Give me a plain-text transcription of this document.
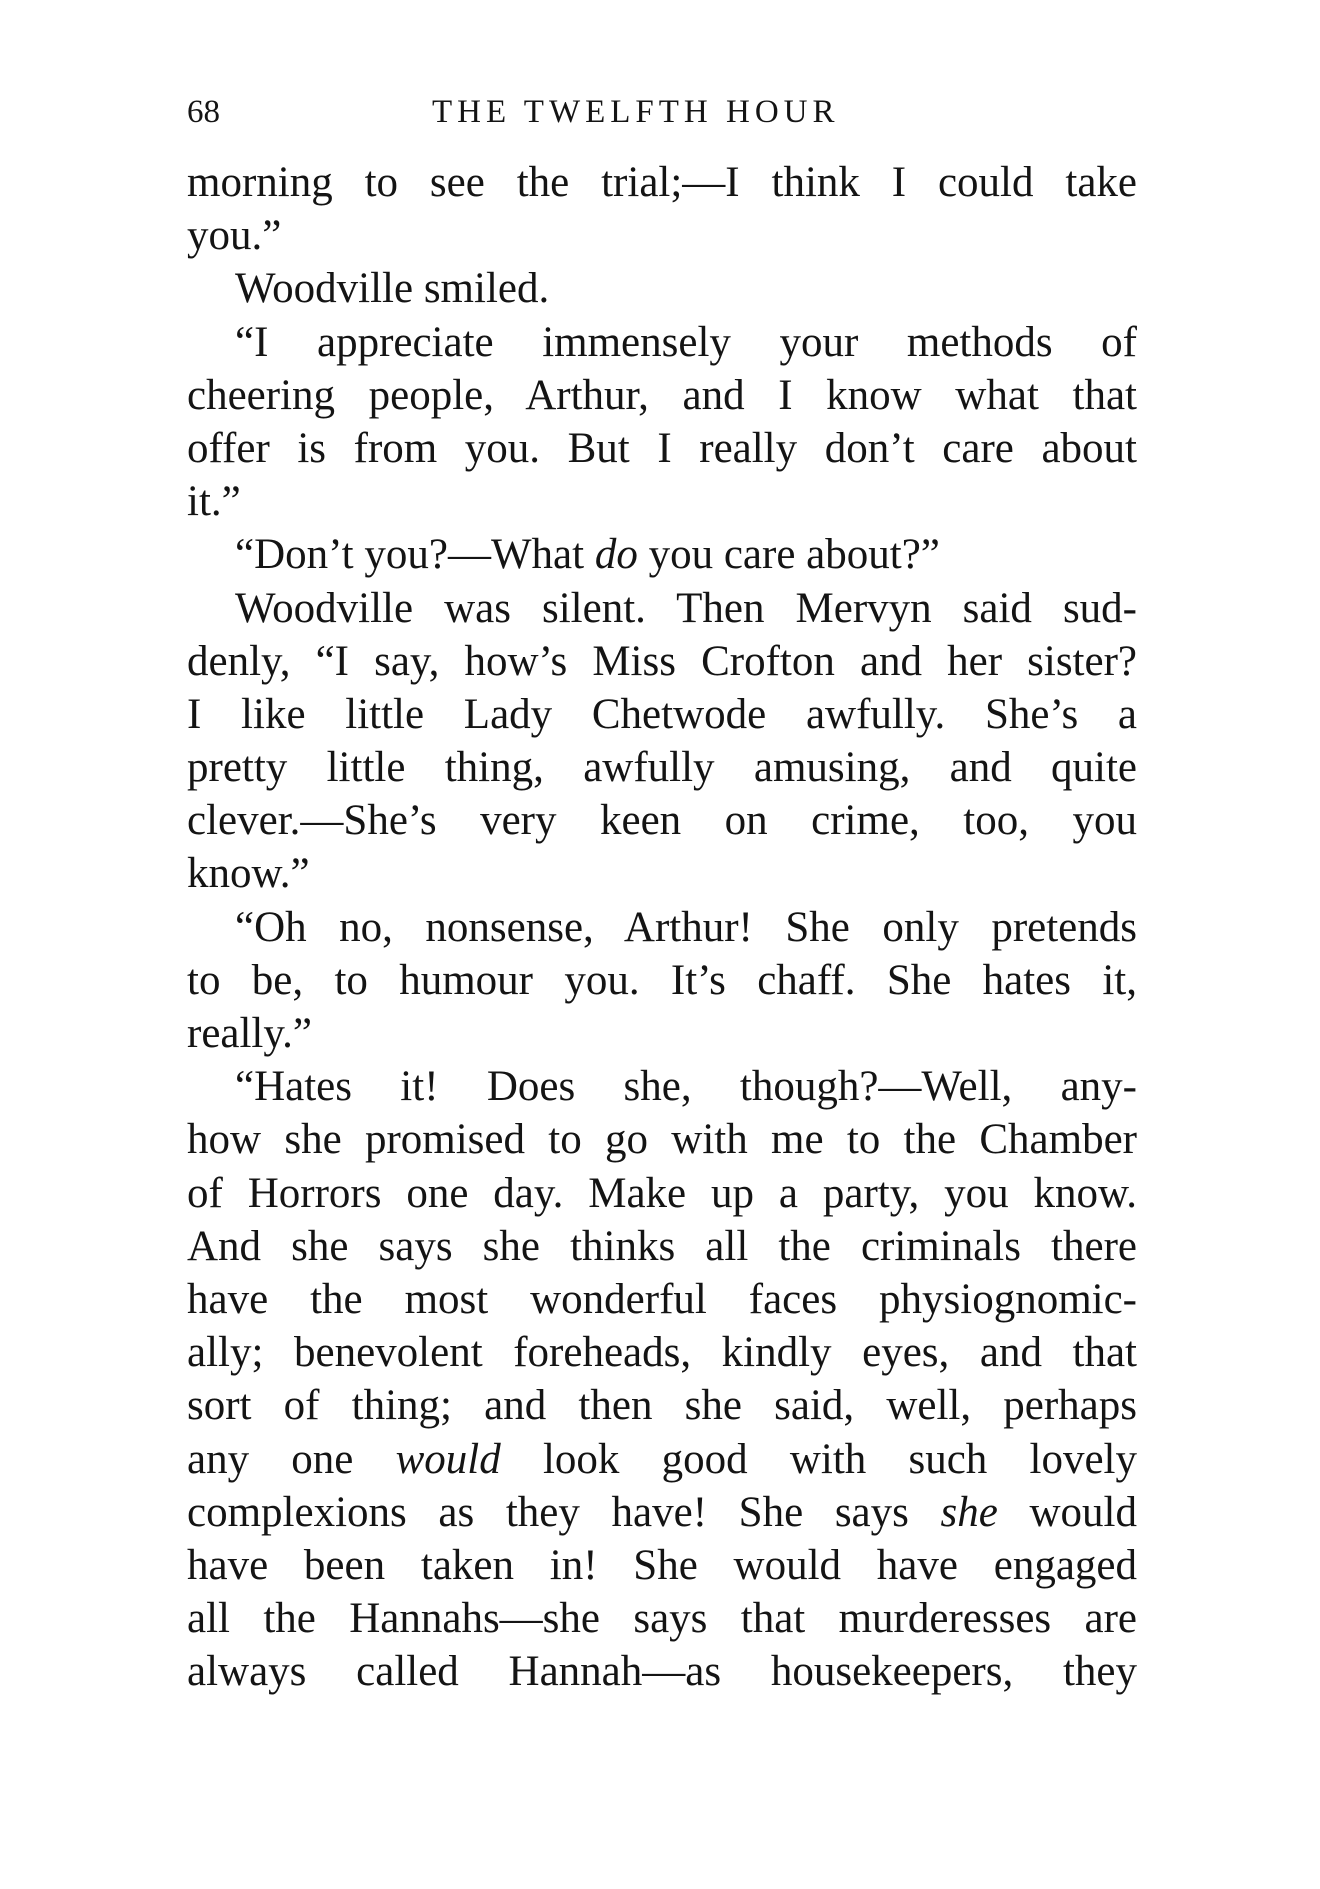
68	THE TWELFTH HOUR
morning to see the trial;—I think I could take
you.”
Woodville smiled.
“I appreciate immensely your methods of
cheering people, Arthur, and I know what that
offer is from you. But I really don’t care about
it.”
“Don’t you?—What do you care about?”
Woodville was silent. Then Mervyn said sud-
denly, “I say, how’s Miss Crofton and her sister?
I like little Lady Chetwode awfully. She’s a
pretty little thing, awfully amusing, and quite
clever.—She’s very keen on crime, too, you
know.”
“Oh no, nonsense, Arthur! She only pretends
to be, to humour you. It’s chaff. She hates it,
really.”
“Hates it! Does she, though?—Well, any-
how she promised to go with me to the Chamber
of Horrors one day. Make up a party, you know.
And she says she thinks all the criminals there
have the most wonderful faces physiognomic-
ally; benevolent foreheads, kindly eyes, and that
sort of thing; and then she said, well, perhaps
any one would look good with such lovely
complexions as they have! She says she would
have been taken in! She would have engaged
all the Hannahs—she says that murderesses are
always called Hannah—as housekeepers, they
